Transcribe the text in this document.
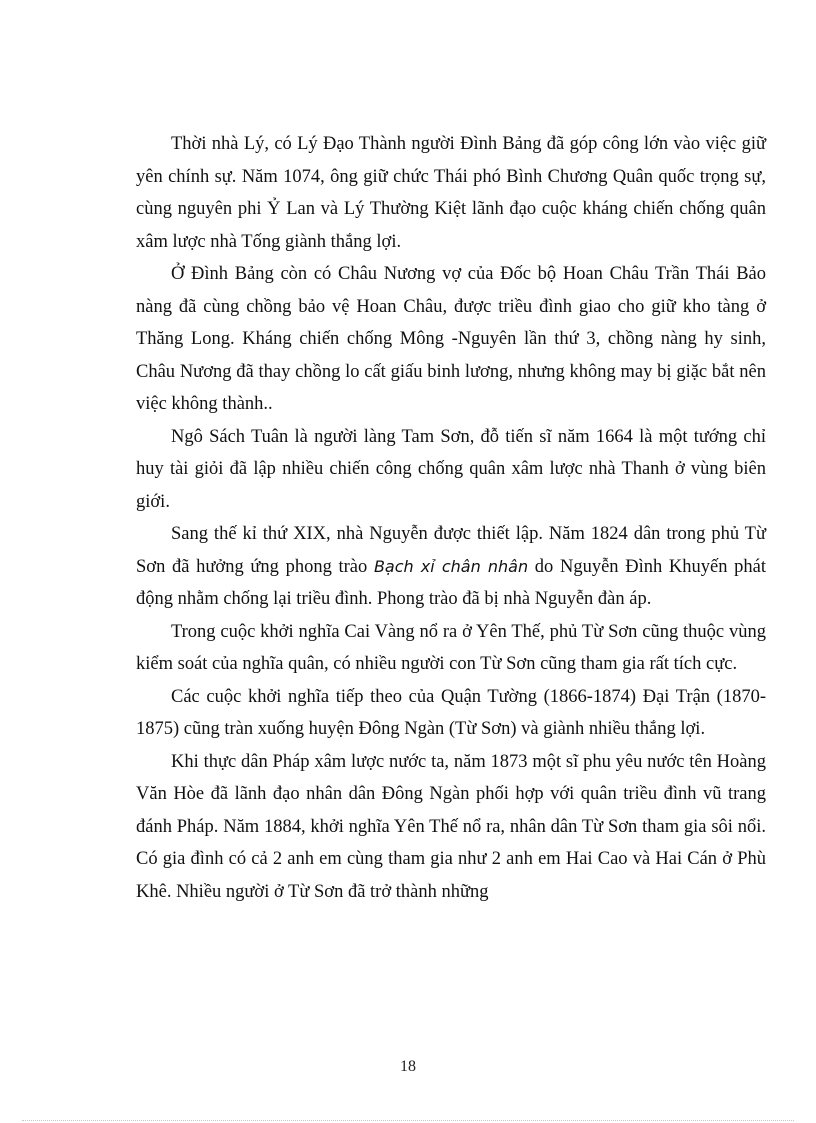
Thời nhà Lý, có Lý Đạo Thành người Đình Bảng đã góp công lớn vào việc giữ yên chính sự. Năm 1074, ông giữ chức Thái phó Bình Chương Quân quốc trọng sự, cùng nguyên phi Ỷ Lan và Lý Thường Kiệt lãnh đạo cuộc kháng chiến chống quân xâm lược nhà Tống giành thắng lợi.

Ở Đình Bảng còn có Châu Nương vợ của Đốc bộ Hoan Châu Trần Thái Bảo nàng đã cùng chồng bảo vệ Hoan Châu, được triều đình giao cho giữ kho tàng ở Thăng Long. Kháng chiến chống Mông -Nguyên lần thứ 3, chồng nàng hy sinh, Châu Nương đã thay chồng lo cất giấu binh lương, nhưng không may bị giặc bắt nên việc không thành..

Ngô Sách Tuân là người làng Tam Sơn, đỗ tiến sĩ năm 1664 là một tướng chỉ huy tài giỏi đã lập nhiều chiến công chống quân xâm lược nhà Thanh ở vùng biên giới.

Sang thế kỉ thứ XIX, nhà Nguyễn được thiết lập. Năm 1824 dân trong phủ Từ Sơn đã hưởng ứng phong trào Bạch xỉ chân nhân do Nguyễn Đình Khuyến phát động nhằm chống lại triều đình. Phong trào đã bị nhà Nguyễn đàn áp.

Trong cuộc khởi nghĩa Cai Vàng nổ ra ở Yên Thế, phủ Từ Sơn cũng thuộc vùng kiểm soát của nghĩa quân, có nhiều người con Từ Sơn cũng tham gia rất tích cực.

Các cuộc khởi nghĩa tiếp theo của Quận Tường (1866-1874) Đại Trận (1870-1875) cũng tràn xuống huyện Đông Ngàn (Từ Sơn) và giành nhiều thắng lợi.

Khi thực dân Pháp xâm lược nước ta, năm 1873 một sĩ phu yêu nước tên Hoàng Văn Hòe đã lãnh đạo nhân dân Đông Ngàn phối hợp với quân triều đình vũ trang đánh Pháp. Năm 1884, khởi nghĩa Yên Thế nổ ra, nhân dân Từ Sơn tham gia sôi nổi. Có gia đình có cả 2 anh em cùng tham gia như 2 anh em Hai Cao và Hai Cán ở Phù Khê. Nhiều người ở Từ Sơn đã trở thành những

18
